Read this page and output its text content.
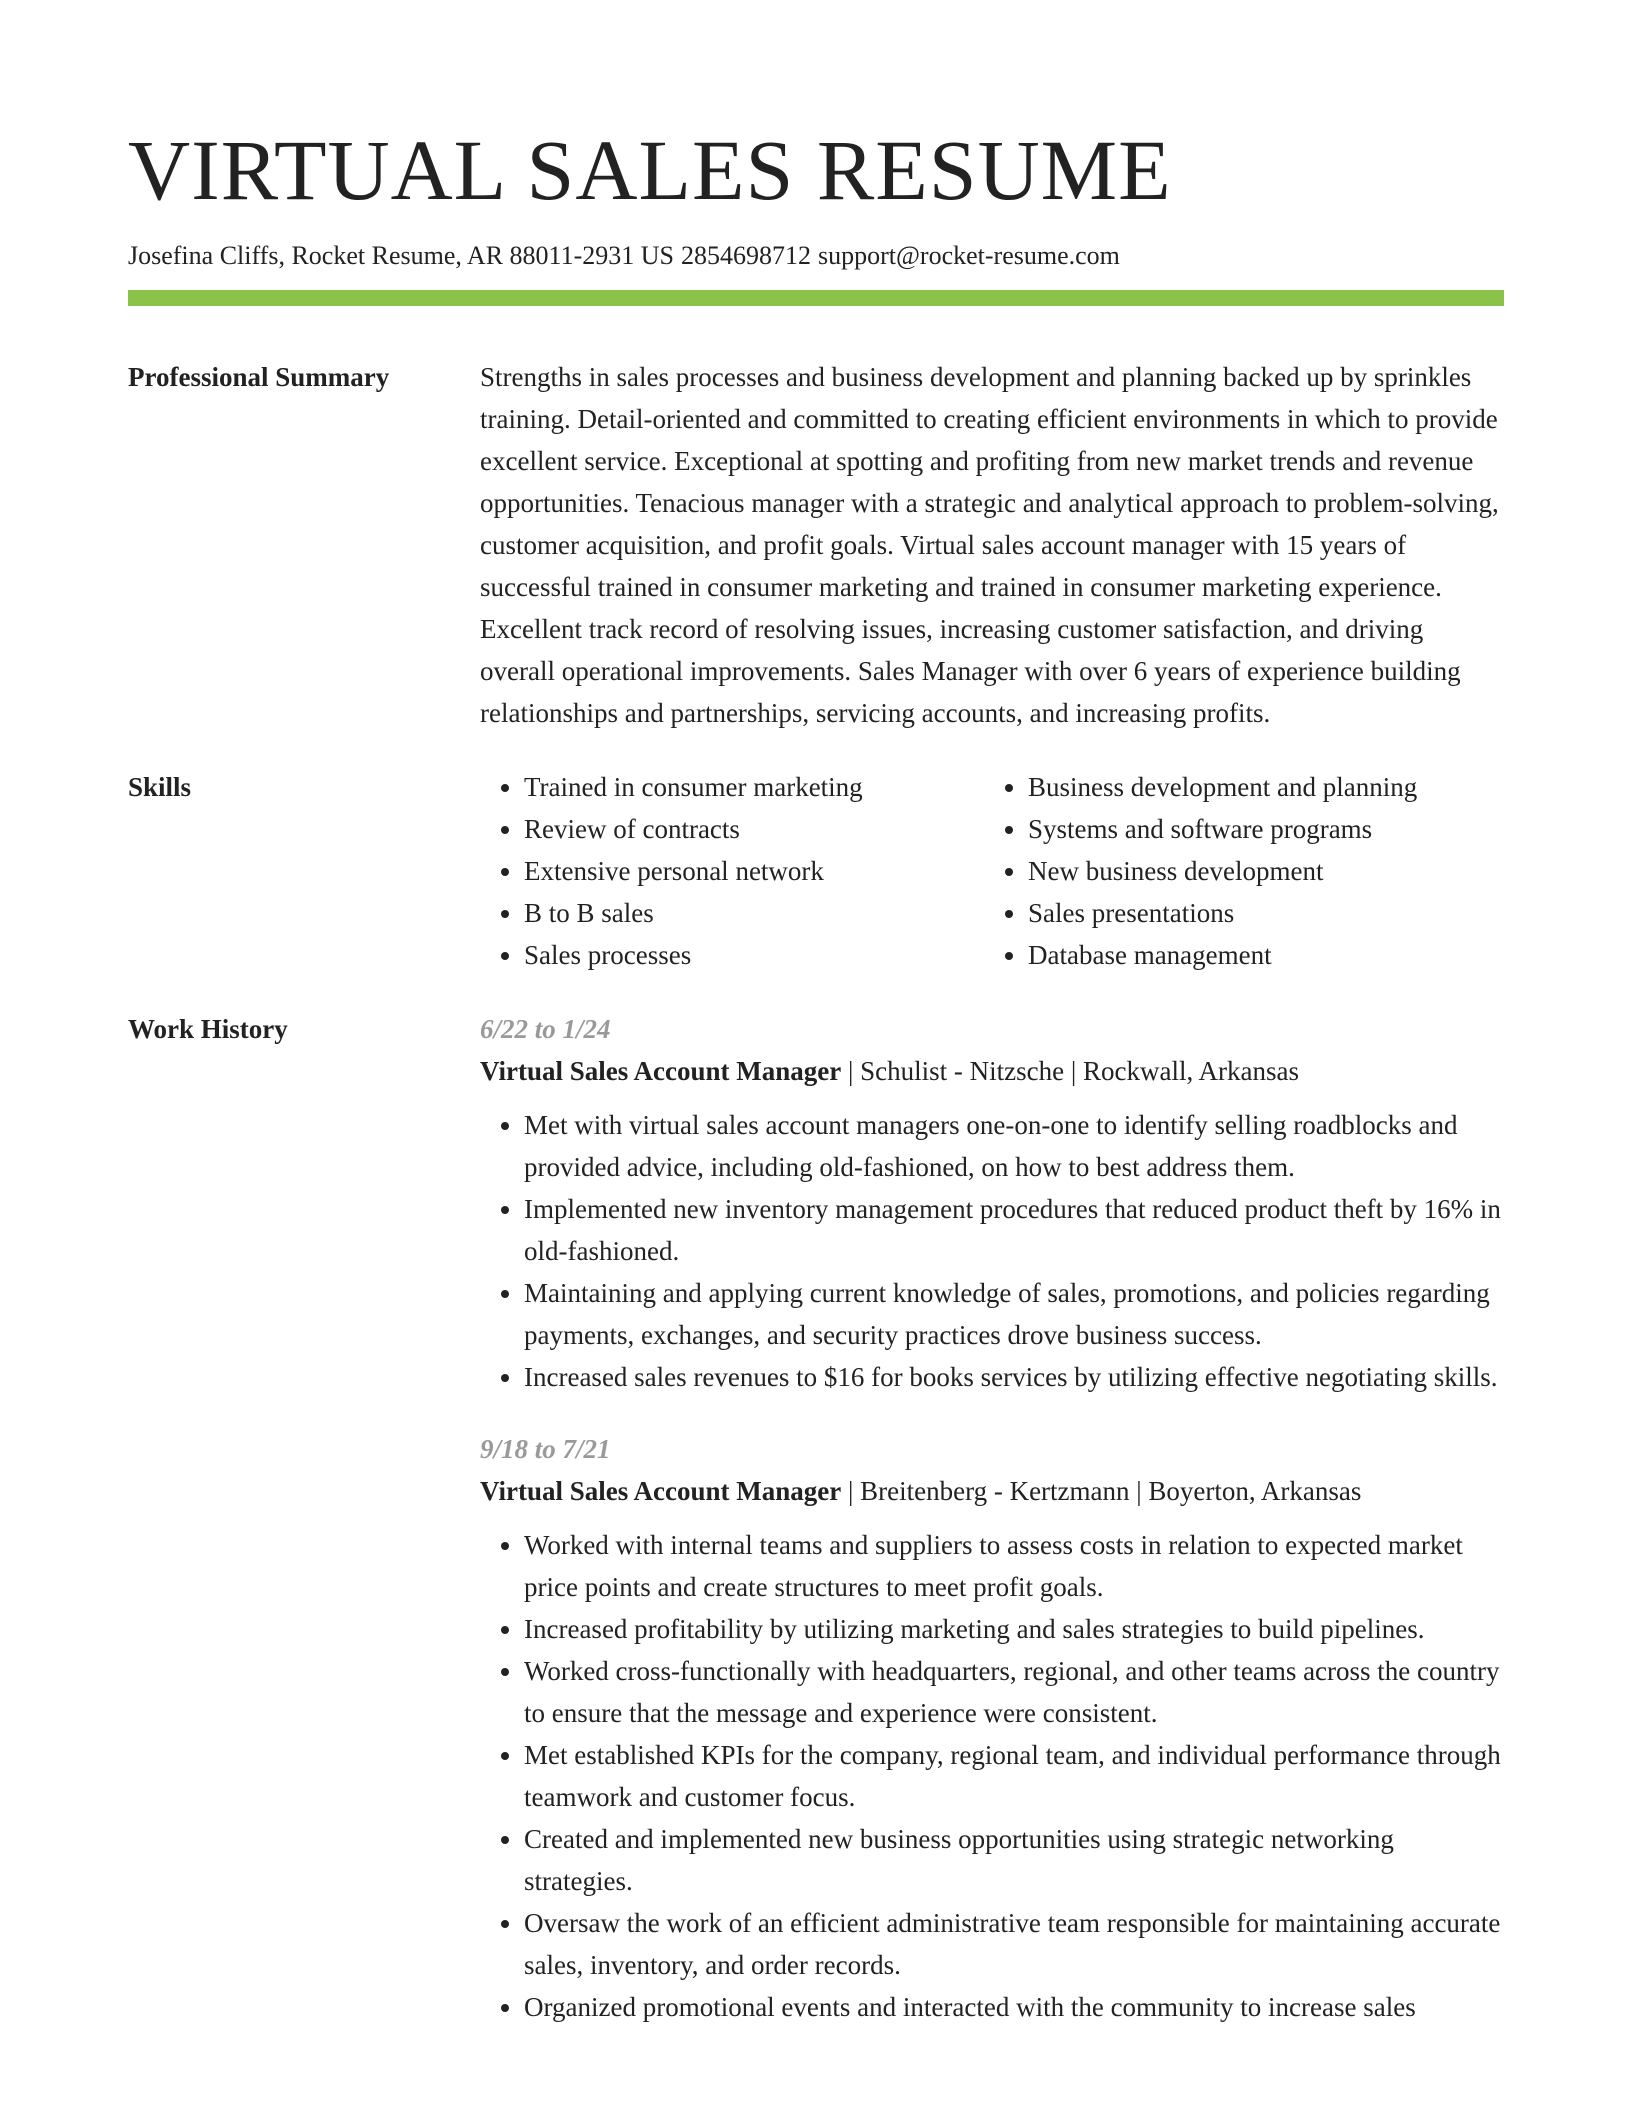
VIRTUAL SALES RESUME
Josefina Cliffs, Rocket Resume, AR 88011-2931 US 2854698712 support@rocket-resume.com
Professional Summary	Strengths in sales processes and business development and planning backed up by sprinkles training. Detail-oriented and committed to creating efficient environments in which to provide excellent service. Exceptional at spotting and profiting from new market trends and revenue opportunities. Tenacious manager with a strategic and analytical approach to problem-solving, customer acquisition, and profit goals. Virtual sales account manager with 15 years of successful trained in consumer marketing and trained in consumer marketing experience. Excellent track record of resolving issues, increasing customer satisfaction, and driving overall operational improvements. Sales Manager with over 6 years of experience building relationships and partnerships, servicing accounts, and increasing profits.
Skills
•	Trained in consumer marketing
• Review of contracts
• Extensive personal network
• B to B sales
• Sales processes
• Business development and planning
• Systems and software programs
• New business development
• Sales presentations
• Database management
Work History	6/22 to 1/24
Virtual Sales Account Manager | Schulist - Nitzsche | Rockwall, Arkansas
• Met with virtual sales account managers one-on-one to identify selling roadblocks and provided advice, including old-fashioned, on how to best address them.
• Implemented new inventory management procedures that reduced product theft by 16% in old-fashioned.
• Maintaining and applying current knowledge of sales, promotions, and policies regarding payments, exchanges, and security practices drove business success.
• Increased sales revenues to $16 for books services by utilizing effective negotiating skills.
9/18 to 7/21
Virtual Sales Account Manager | Breitenberg - Kertzmann | Boyerton, Arkansas
• Worked with internal teams and suppliers to assess costs in relation to expected market price points and create structures to meet profit goals.
• Increased profitability by utilizing marketing and sales strategies to build pipelines.
• Worked cross-functionally with headquarters, regional, and other teams across the country to ensure that the message and experience were consistent.
• Met established KPIs for the company, regional team, and individual performance through teamwork and customer focus.
• Created and implemented new business opportunities using strategic networking strategies.
• Oversaw the work of an efficient administrative team responsible for maintaining accurate sales, inventory, and order records.
• Organized promotional events and interacted with the community to increase sales
